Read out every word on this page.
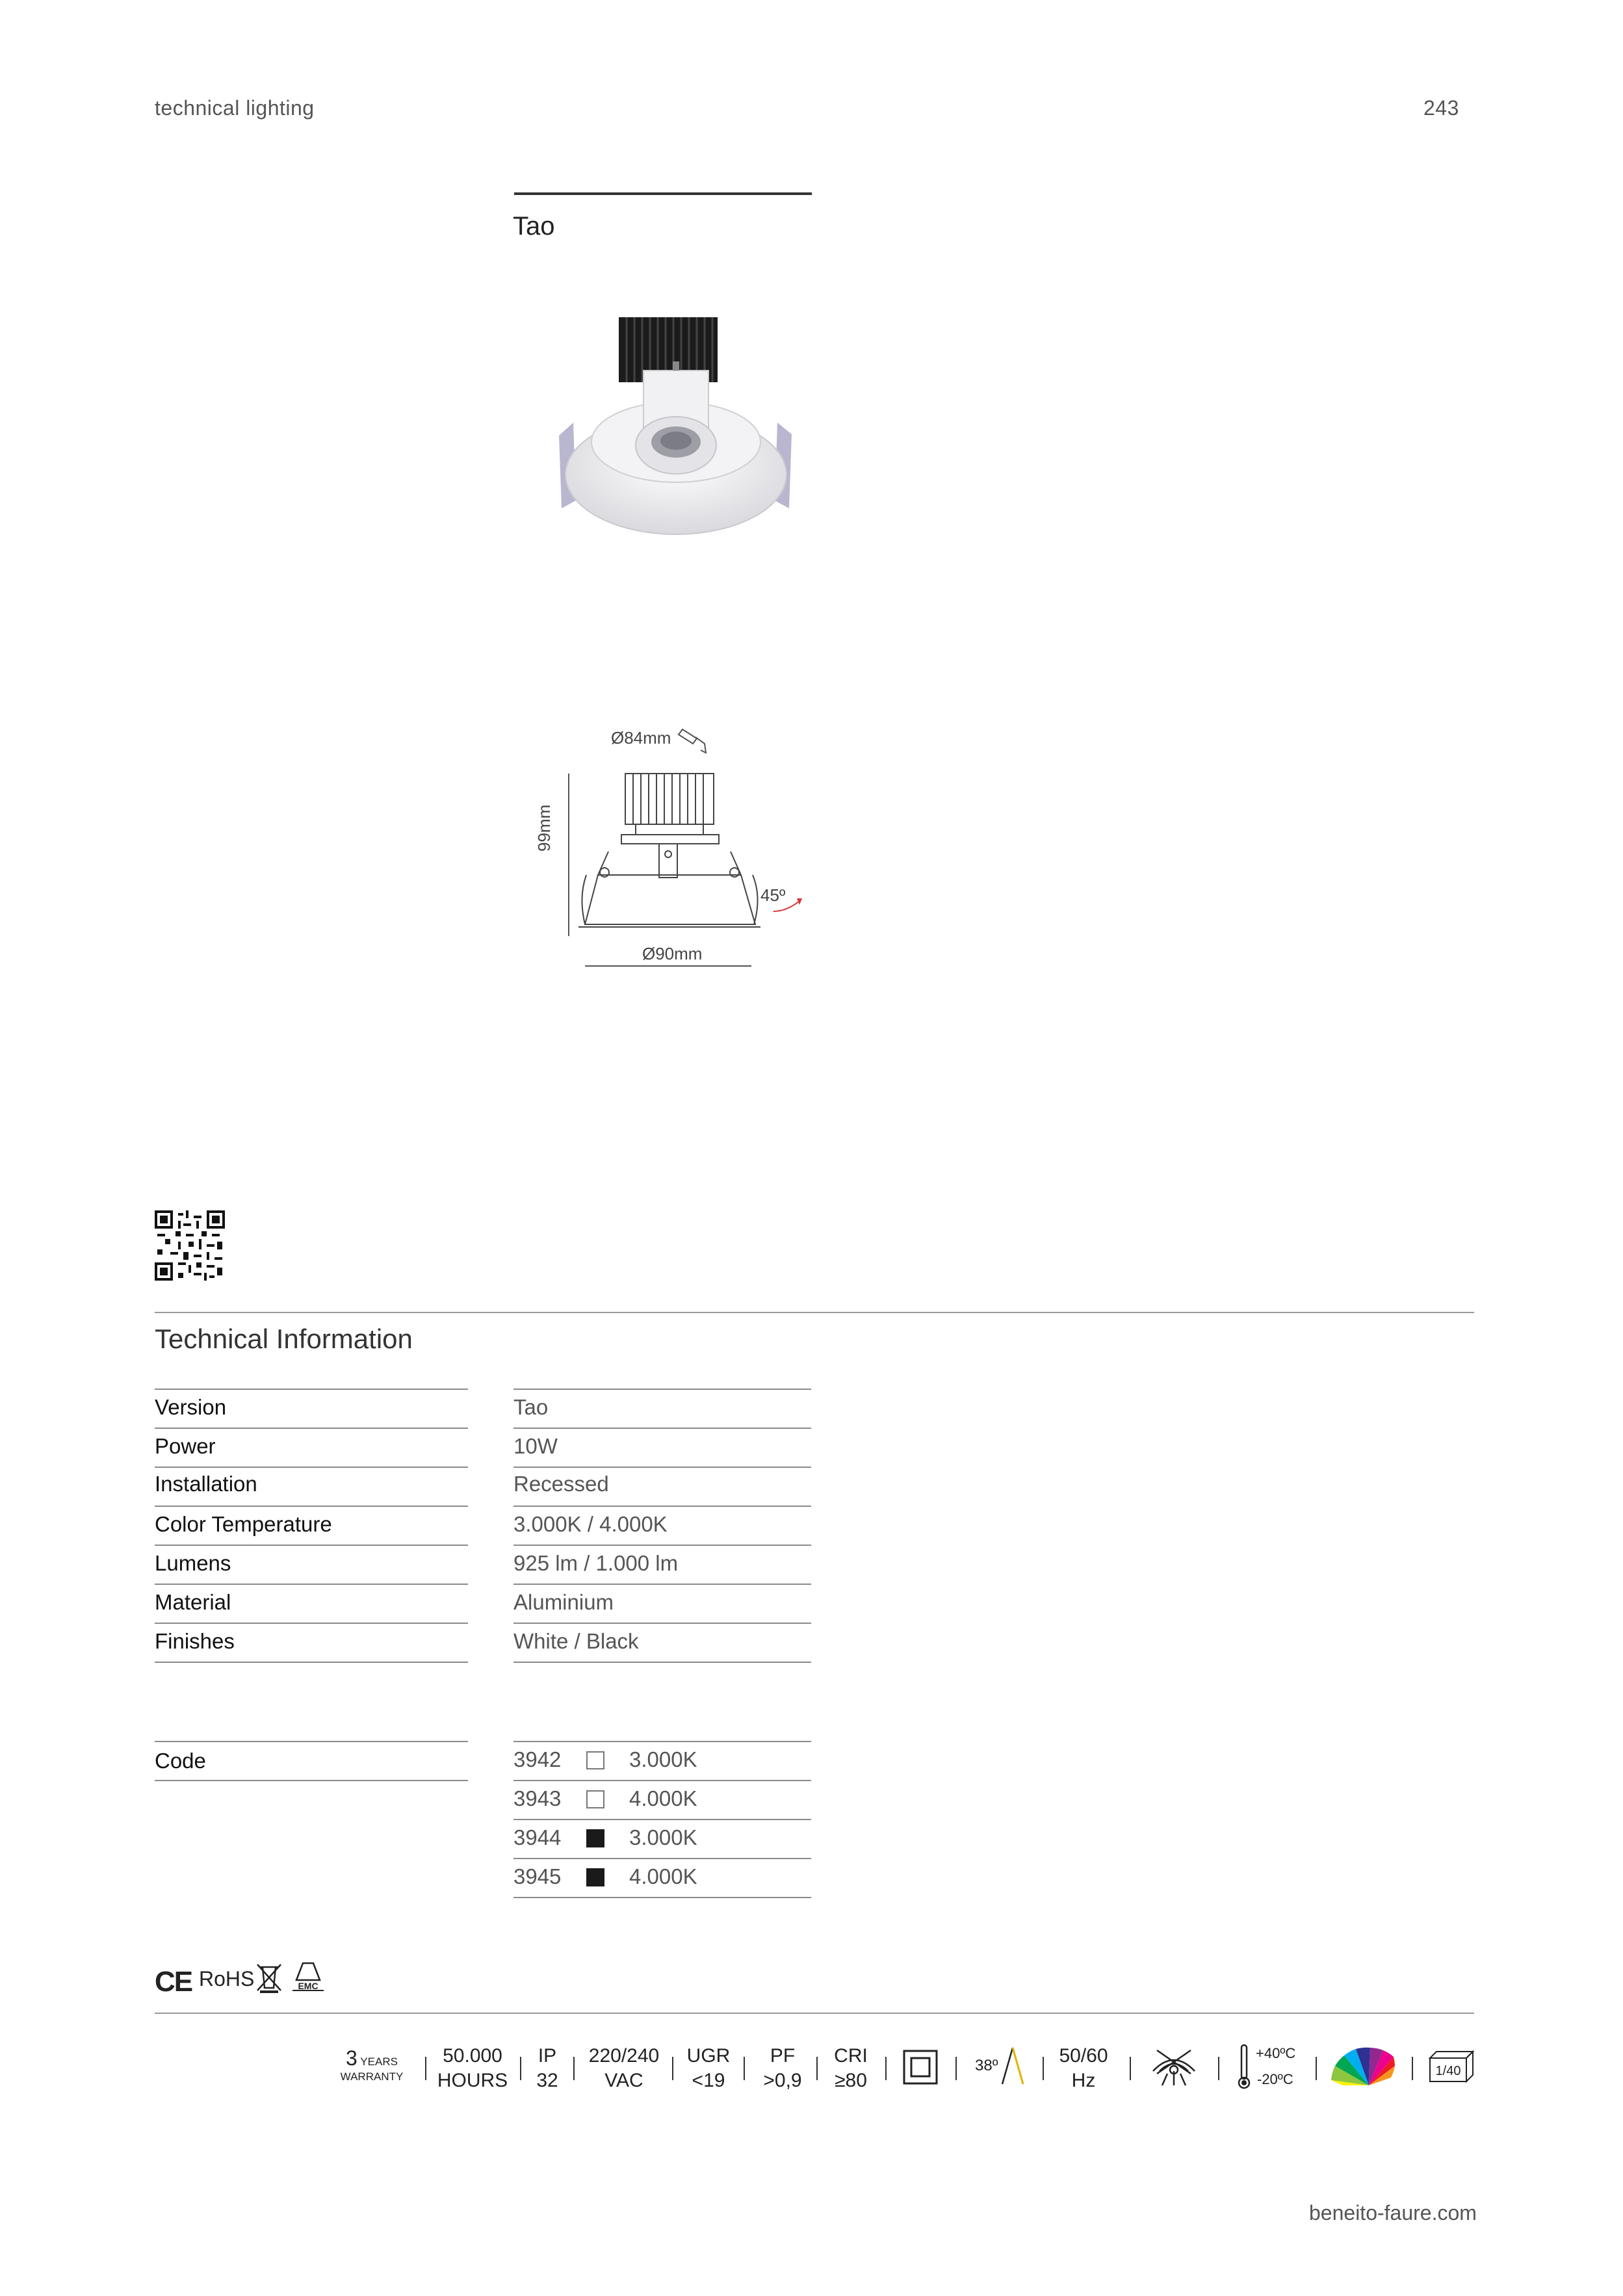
technical lighting	243
Tao
Ø84mm
99mm
45º
Ø90mm
Technical Information
Version	Tao
Power	10W
Installation	Recessed
Color Temperature	3.000K / 4.000K
Lumens	925 lm / 1.000 lm
Material	Aluminium
Finishes	White / Black
Code	3942	3.000K
3943	4.000K
3944	3.000K
3945	4.000K
CE RoHS	EMC
3 YEARS
WARRANTY
50.000
HOURS
IP
32
220/240
VAC
UGR
<19
PF
>0,9
CRI
≥80
38º	50/60
Hz
+40ºC
-20ºC	1/40
beneito-faure.com
